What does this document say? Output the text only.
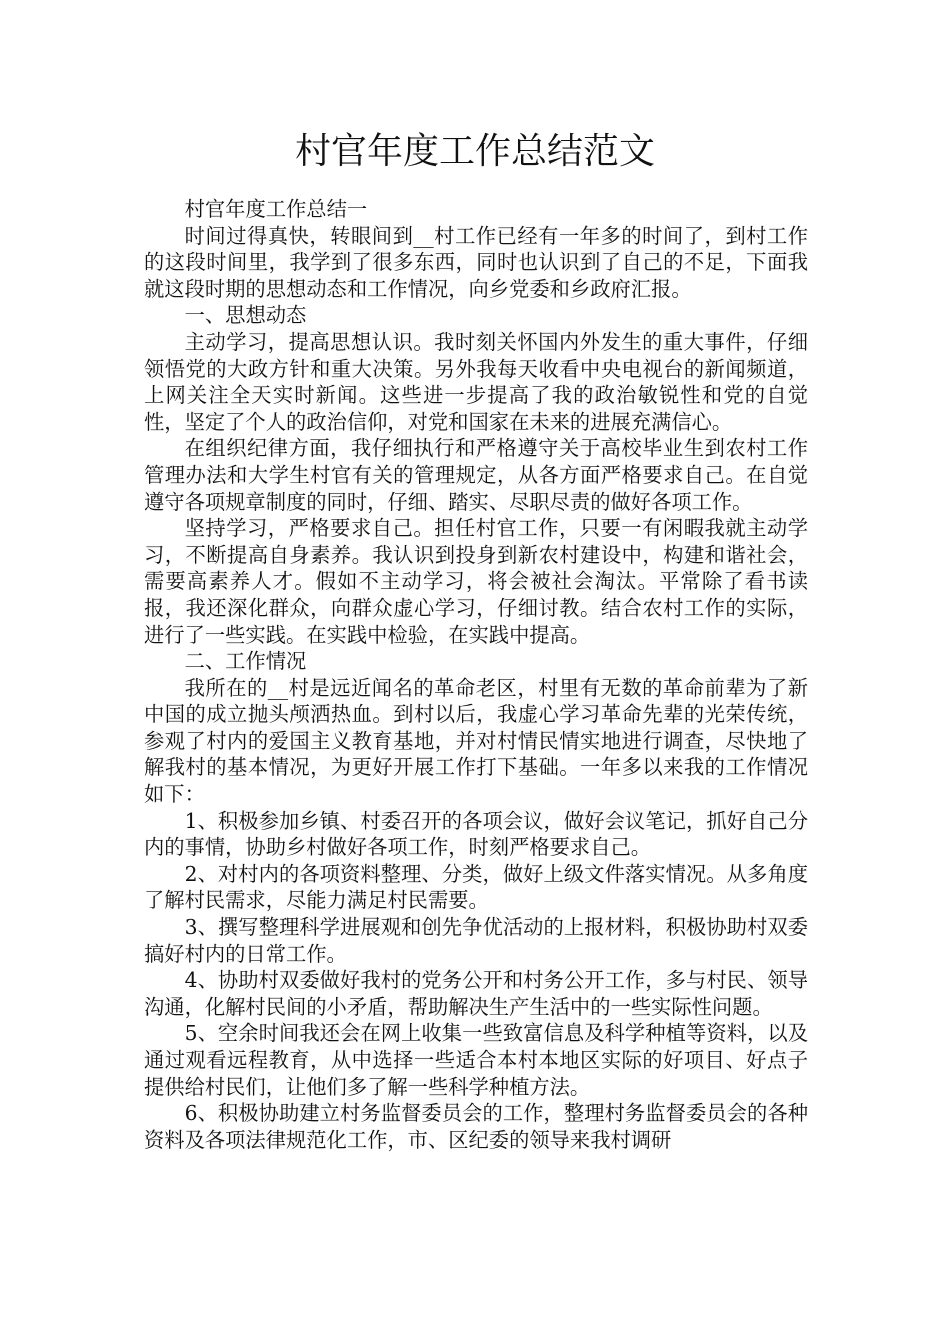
村官年度工作总结范文

村官年度工作总结一

时间过得真快，转眼间到__村工作已经有一年多的时间了，到村工作的这段时间里，我学到了很多东西，同时也认识到了自己的不足，下面我就这段时期的思想动态和工作情况，向乡党委和乡政府汇报。

一、思想动态

主动学习，提高思想认识。我时刻关怀国内外发生的重大事件，仔细领悟党的大政方针和重大决策。另外我每天收看中央电视台的新闻频道，上网关注全天实时新闻。这些进一步提高了我的政治敏锐性和党的自觉性，坚定了个人的政治信仰，对党和国家在未来的进展充满信心。

在组织纪律方面，我仔细执行和严格遵守关于高校毕业生到农村工作管理办法和大学生村官有关的管理规定，从各方面严格要求自己。在自觉遵守各项规章制度的同时，仔细、踏实、尽职尽责的做好各项工作。

坚持学习，严格要求自己。担任村官工作，只要一有闲暇我就主动学习，不断提高自身素养。我认识到投身到新农村建设中，构建和谐社会，需要高素养人才。假如不主动学习，将会被社会淘汰。平常除了看书读报，我还深化群众，向群众虚心学习，仔细讨教。结合农村工作的实际，进行了一些实践。在实践中检验，在实践中提高。

二、工作情况

我所在的__村是远近闻名的革命老区，村里有无数的革命前辈为了新中国的成立抛头颅洒热血。到村以后，我虚心学习革命先辈的光荣传统，参观了村内的爱国主义教育基地，并对村情民情实地进行调查，尽快地了解我村的基本情况，为更好开展工作打下基础。一年多以来我的工作情况如下：

1、积极参加乡镇、村委召开的各项会议，做好会议笔记，抓好自己分内的事情，协助乡村做好各项工作，时刻严格要求自己。

2、对村内的各项资料整理、分类，做好上级文件落实情况。从多角度了解村民需求，尽能力满足村民需要。

3、撰写整理科学进展观和创先争优活动的上报材料，积极协助村双委搞好村内的日常工作。

4、协助村双委做好我村的党务公开和村务公开工作，多与村民、领导沟通，化解村民间的小矛盾，帮助解决生产生活中的一些实际性问题。

5、空余时间我还会在网上收集一些致富信息及科学种植等资料，以及通过观看远程教育，从中选择一些适合本村本地区实际的好项目、好点子提供给村民们，让他们多了解一些科学种植方法。

6、积极协助建立村务监督委员会的工作，整理村务监督委员会的各种资料及各项法律规范化工作，市、区纪委的领导来我村调研
